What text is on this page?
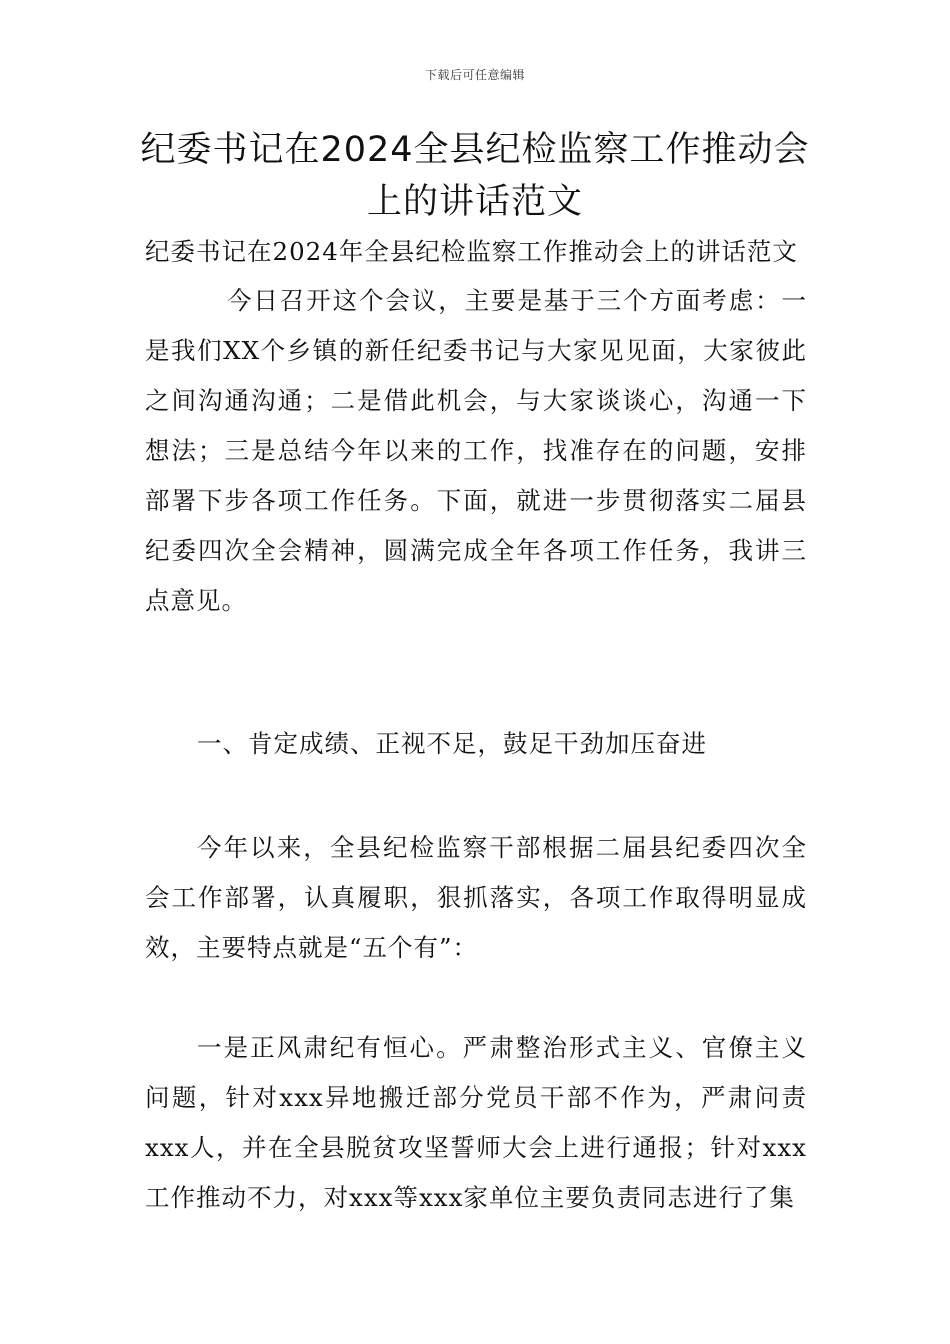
下载后可任意编辑
纪委书记在2024全县纪检监察工作推动会上的讲话范文

纪委书记在2024年全县纪检监察工作推动会上的讲话范文

今日召开这个会议，主要是基于三个方面考虑：一是我们XX个乡镇的新任纪委书记与大家见见面，大家彼此之间沟通沟通；二是借此机会，与大家谈谈心，沟通一下想法；三是总结今年以来的工作，找准存在的问题，安排部署下步各项工作任务。下面，就进一步贯彻落实二届县纪委四次全会精神，圆满完成全年各项工作任务，我讲三点意见。

一、肯定成绩、正视不足，鼓足干劲加压奋进

今年以来，全县纪检监察干部根据二届县纪委四次全会工作部署，认真履职，狠抓落实，各项工作取得明显成效，主要特点就是“五个有”：

一是正风肃纪有恒心。严肃整治形式主义、官僚主义问题，针对xxx异地搬迁部分党员干部不作为，严肃问责xxx人，并在全县脱贫攻坚誓师大会上进行通报；针对xxx工作推动不力，对xxx等xxx家单位主要负责同志进行了集
